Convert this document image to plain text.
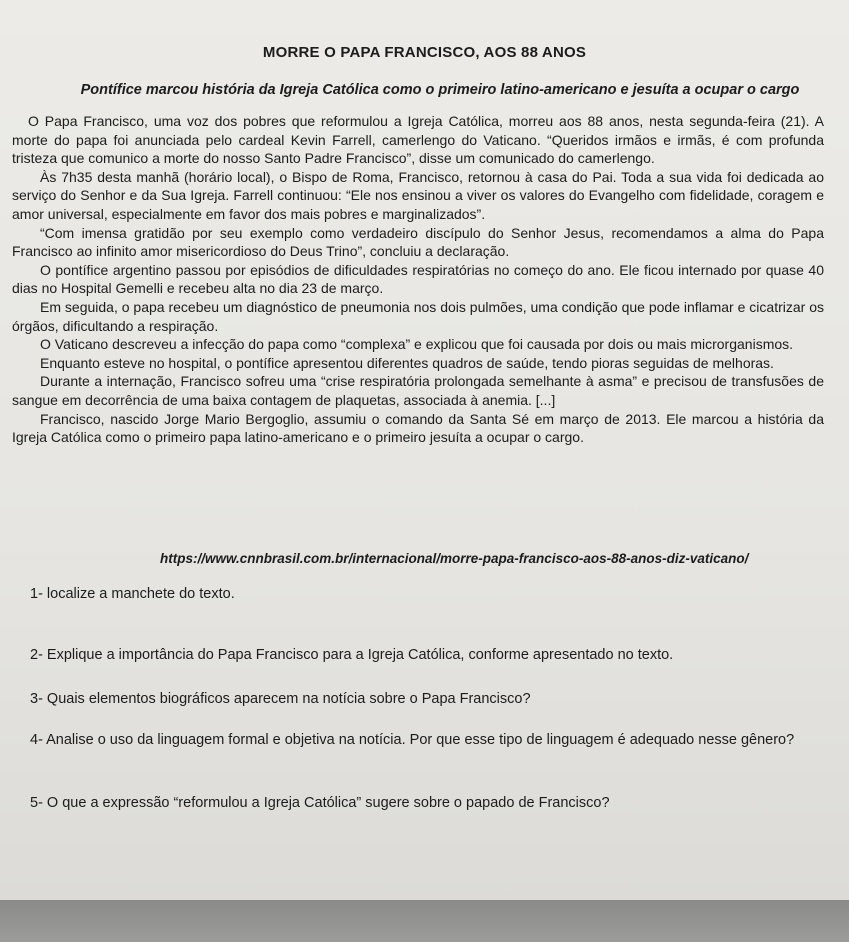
MORRE O PAPA FRANCISCO, AOS 88 ANOS
Pontífice marcou história da Igreja Católica como o primeiro latino-americano e jesuíta a ocupar o cargo

O Papa Francisco, uma voz dos pobres que reformulou a Igreja Católica, morreu aos 88 anos, nesta segunda-feira (21). A morte do papa foi anunciada pelo cardeal Kevin Farrell, camerlengo do Vaticano. “Queridos irmãos e irmãs, é com profunda tristeza que comunico a morte do nosso Santo Padre Francisco”, disse um comunicado do camerlengo.

Às 7h35 desta manhã (horário local), o Bispo de Roma, Francisco, retornou à casa do Pai. Toda a sua vida foi dedicada ao serviço do Senhor e da Sua Igreja. Farrell continuou: “Ele nos ensinou a viver os valores do Evangelho com fidelidade, coragem e amor universal, especialmente em favor dos mais pobres e marginalizados”.

“Com imensa gratidão por seu exemplo como verdadeiro discípulo do Senhor Jesus, recomendamos a alma do Papa Francisco ao infinito amor misericordioso do Deus Trino”, concluiu a declaração.

O pontífice argentino passou por episódios de dificuldades respiratórias no começo do ano. Ele ficou internado por quase 40 dias no Hospital Gemelli e recebeu alta no dia 23 de março.

Em seguida, o papa recebeu um diagnóstico de pneumonia nos dois pulmões, uma condição que pode inflamar e cicatrizar os órgãos, dificultando a respiração.

O Vaticano descreveu a infecção do papa como “complexa” e explicou que foi causada por dois ou mais microrganismos.

Enquanto esteve no hospital, o pontífice apresentou diferentes quadros de saúde, tendo pioras seguidas de melhoras.

Durante a internação, Francisco sofreu uma “crise respiratória prolongada semelhante à asma” e precisou de transfusões de sangue em decorrência de uma baixa contagem de plaquetas, associada à anemia. [...]

Francisco, nascido Jorge Mario Bergoglio, assumiu o comando da Santa Sé em março de 2013. Ele marcou a história da Igreja Católica como o primeiro papa latino-americano e o primeiro jesuíta a ocupar o cargo.

https://www.cnnbrasil.com.br/internacional/morre-papa-francisco-aos-88-anos-diz-vaticano/

1- localize a manchete do texto.

2- Explique a importância do Papa Francisco para a Igreja Católica, conforme apresentado no texto.

3- Quais elementos biográficos aparecem na notícia sobre o Papa Francisco?

4- Analise o uso da linguagem formal e objetiva na notícia. Por que esse tipo de linguagem é adequado nesse gênero?

5- O que a expressão “reformulou a Igreja Católica” sugere sobre o papado de Francisco?
